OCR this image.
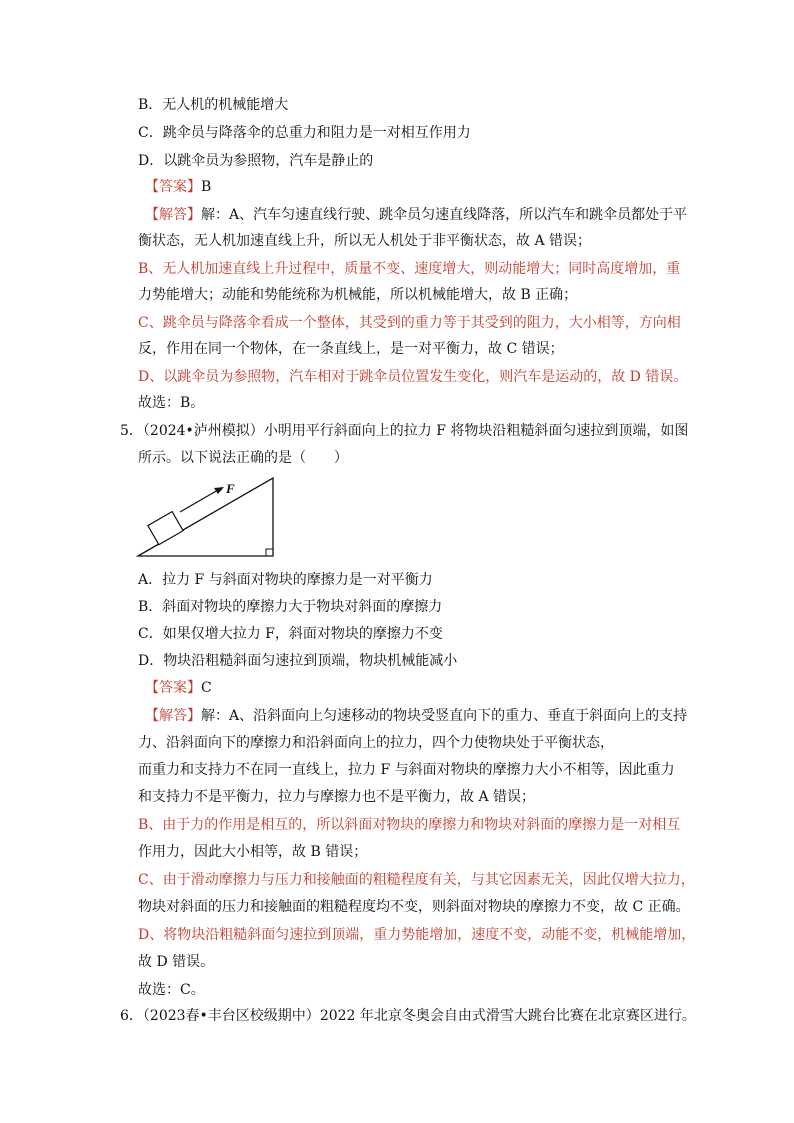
B．无人机的机械能增大
C．跳伞员与降落伞的总重力和阻力是一对相互作用力
D．以跳伞员为参照物，汽车是静止的
【答案】B
【解答】解：A、汽车匀速直线行驶、跳伞员匀速直线降落，所以汽车和跳伞员都处于平
衡状态，无人机加速直线上升，所以无人机处于非平衡状态，故 A 错误；
B、无人机加速直线上升过程中，质量不变、速度增大，则动能增大；同时高度增加，重
力势能增大；动能和势能统称为机械能，所以机械能增大，故 B 正确；
C、跳伞员与降落伞看成一个整体，其受到的重力等于其受到的阻力，大小相等，方向相
反，作用在同一个物体，在一条直线上，是一对平衡力，故 C 错误；
D、以跳伞员为参照物，汽车相对于跳伞员位置发生变化，则汽车是运动的，故 D 错误。
故选：B。
5．（2024•泸州模拟）小明用平行斜面向上的拉力 F 将物块沿粗糙斜面匀速拉到顶端，如图
所示。以下说法正确的是（　　）
F
A．拉力 F 与斜面对物块的摩擦力是一对平衡力
B．斜面对物块的摩擦力大于物块对斜面的摩擦力
C．如果仅增大拉力 F，斜面对物块的摩擦力不变
D．物块沿粗糙斜面匀速拉到顶端，物块机械能减小
【答案】C
【解答】解：A、沿斜面向上匀速移动的物块受竖直向下的重力、垂直于斜面向上的支持
力、沿斜面向下的摩擦力和沿斜面向上的拉力，四个力使物块处于平衡状态，
而重力和支持力不在同一直线上，拉力 F 与斜面对物块的摩擦力大小不相等，因此重力
和支持力不是平衡力，拉力与摩擦力也不是平衡力，故 A 错误；
B、由于力的作用是相互的，所以斜面对物块的摩擦力和物块对斜面的摩擦力是一对相互
作用力，因此大小相等，故 B 错误；
C、由于滑动摩擦力与压力和接触面的粗糙程度有关，与其它因素无关，因此仅增大拉力，
物块对斜面的压力和接触面的粗糙程度均不变，则斜面对物块的摩擦力不变，故 C 正确。
D、将物块沿粗糙斜面匀速拉到顶端，重力势能增加，速度不变，动能不变，机械能增加，
故 D 错误。
故选：C。
6．（2023春•丰台区校级期中）2022 年北京冬奥会自由式滑雪大跳台比赛在北京赛区进行。
